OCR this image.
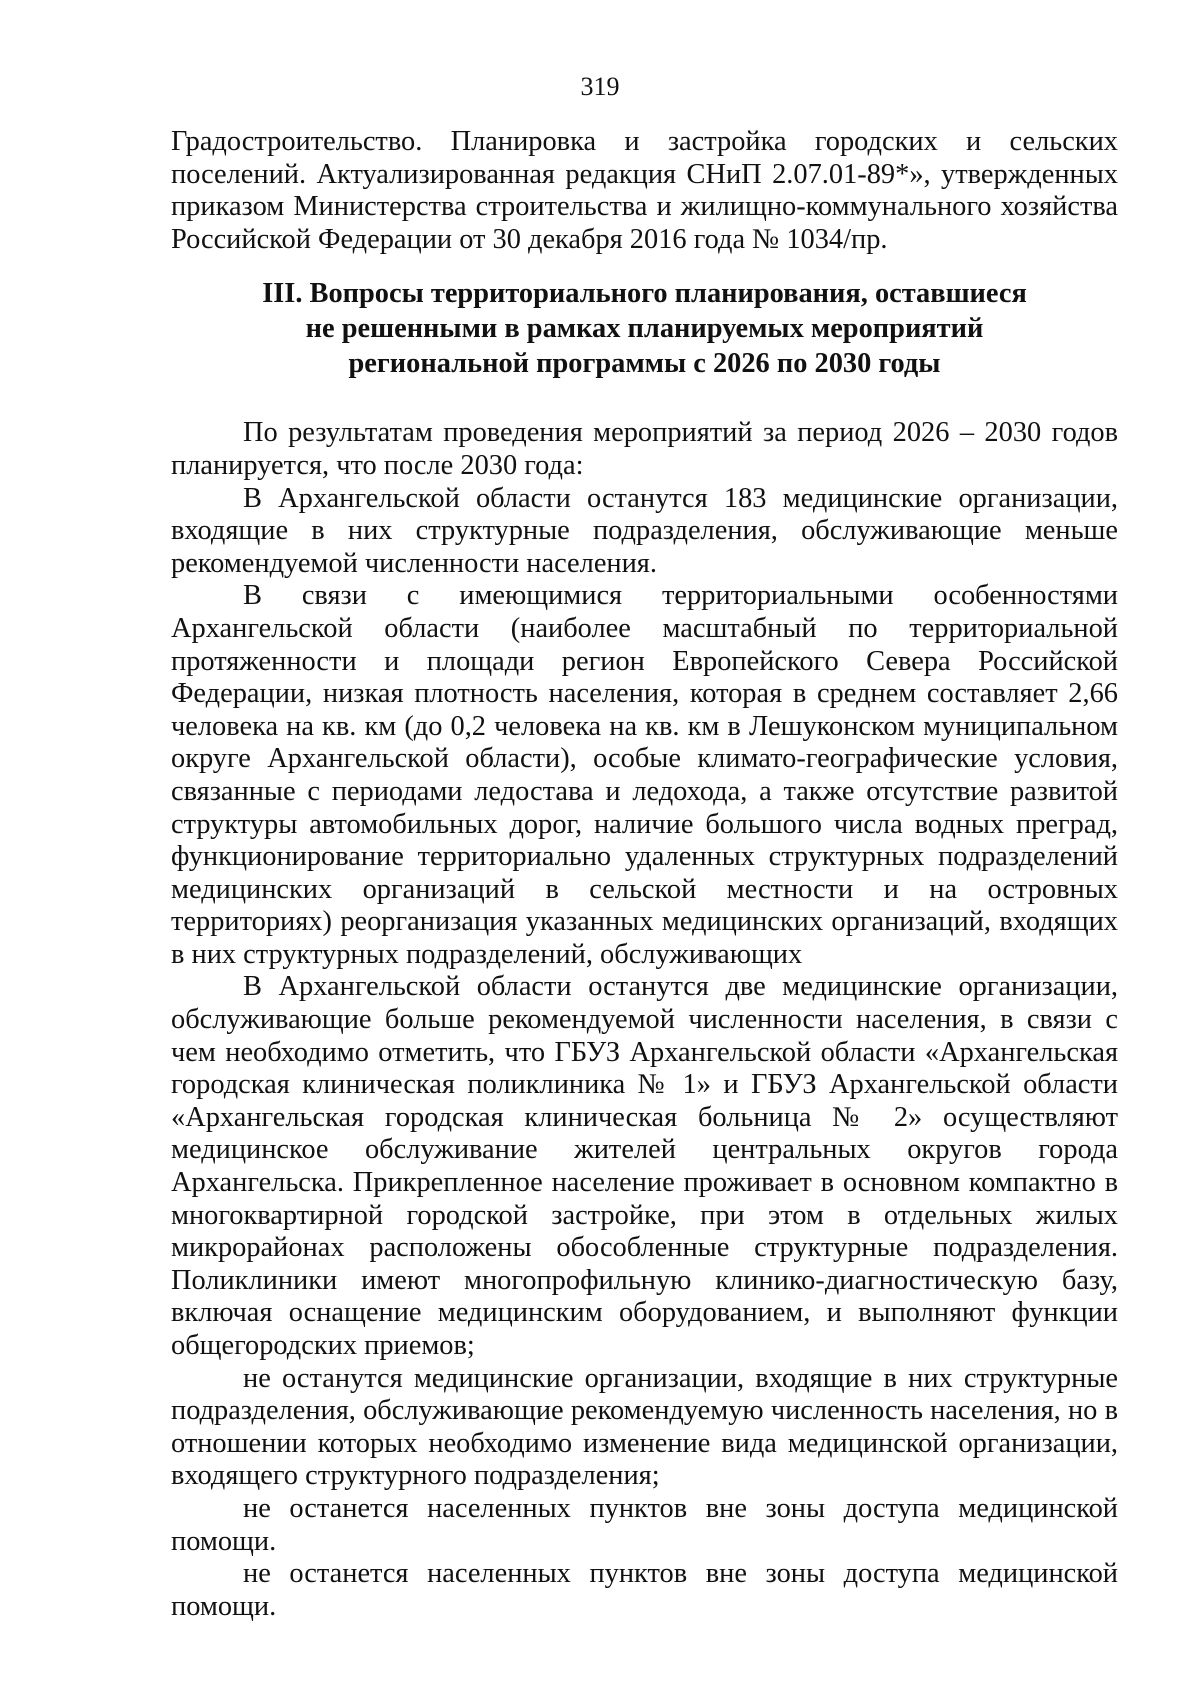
319

Градостроительство. Планировка и застройка городских и сельских поселений. Актуализированная редакция СНиП 2.07.01-89*», утвержденных приказом Министерства строительства и жилищно-коммунального хозяйства Российской Федерации от 30 декабря 2016 года № 1034/пр.

III. Вопросы территориального планирования, оставшиеся
не решенными в рамках планируемых мероприятий
региональной программы с 2026 по 2030 годы

По результатам проведения мероприятий за период 2026 – 2030 годов планируется, что после 2030 года:

В Архангельской области останутся 183 медицинские организации, входящие в них структурные подразделения, обслуживающие меньше рекомендуемой численности населения.

В связи с имеющимися территориальными особенностями Архангельской области (наиболее масштабный по территориальной протяженности и площади регион Европейского Севера Российской Федерации, низкая плотность населения, которая в среднем составляет 2,66 человека на кв. км (до 0,2 человека на кв. км в Лешуконском муниципальном округе Архангельской области), особые климато-географические условия, связанные с периодами ледостава и ледохода, а также отсутствие развитой структуры автомобильных дорог, наличие большого числа водных преград, функционирование территориально удаленных структурных подразделений медицинских организаций в сельской местности и на островных территориях) реорганизация указанных медицинских организаций, входящих в них структурных подразделений, обслуживающих

В Архангельской области останутся две медицинские организации, обслуживающие больше рекомендуемой численности населения, в связи с чем необходимо отметить, что ГБУЗ Архангельской области «Архангельская городская клиническая поликлиника № 1» и ГБУЗ Архангельской области «Архангельская городская клиническая больница № 2» осуществляют медицинское обслуживание жителей центральных округов города Архангельска. Прикрепленное население проживает в основном компактно в многоквартирной городской застройке, при этом в отдельных жилых микрорайонах расположены обособленные структурные подразделения. Поликлиники имеют многопрофильную клинико-диагностическую базу, включая оснащение медицинским оборудованием, и выполняют функции общегородских приемов;

не останутся медицинские организации, входящие в них структурные подразделения, обслуживающие рекомендуемую численность населения, но в отношении которых необходимо изменение вида медицинской организации, входящего структурного подразделения;

не останется населенных пунктов вне зоны доступа медицинской помощи.

не останется населенных пунктов вне зоны доступа медицинской помощи.
